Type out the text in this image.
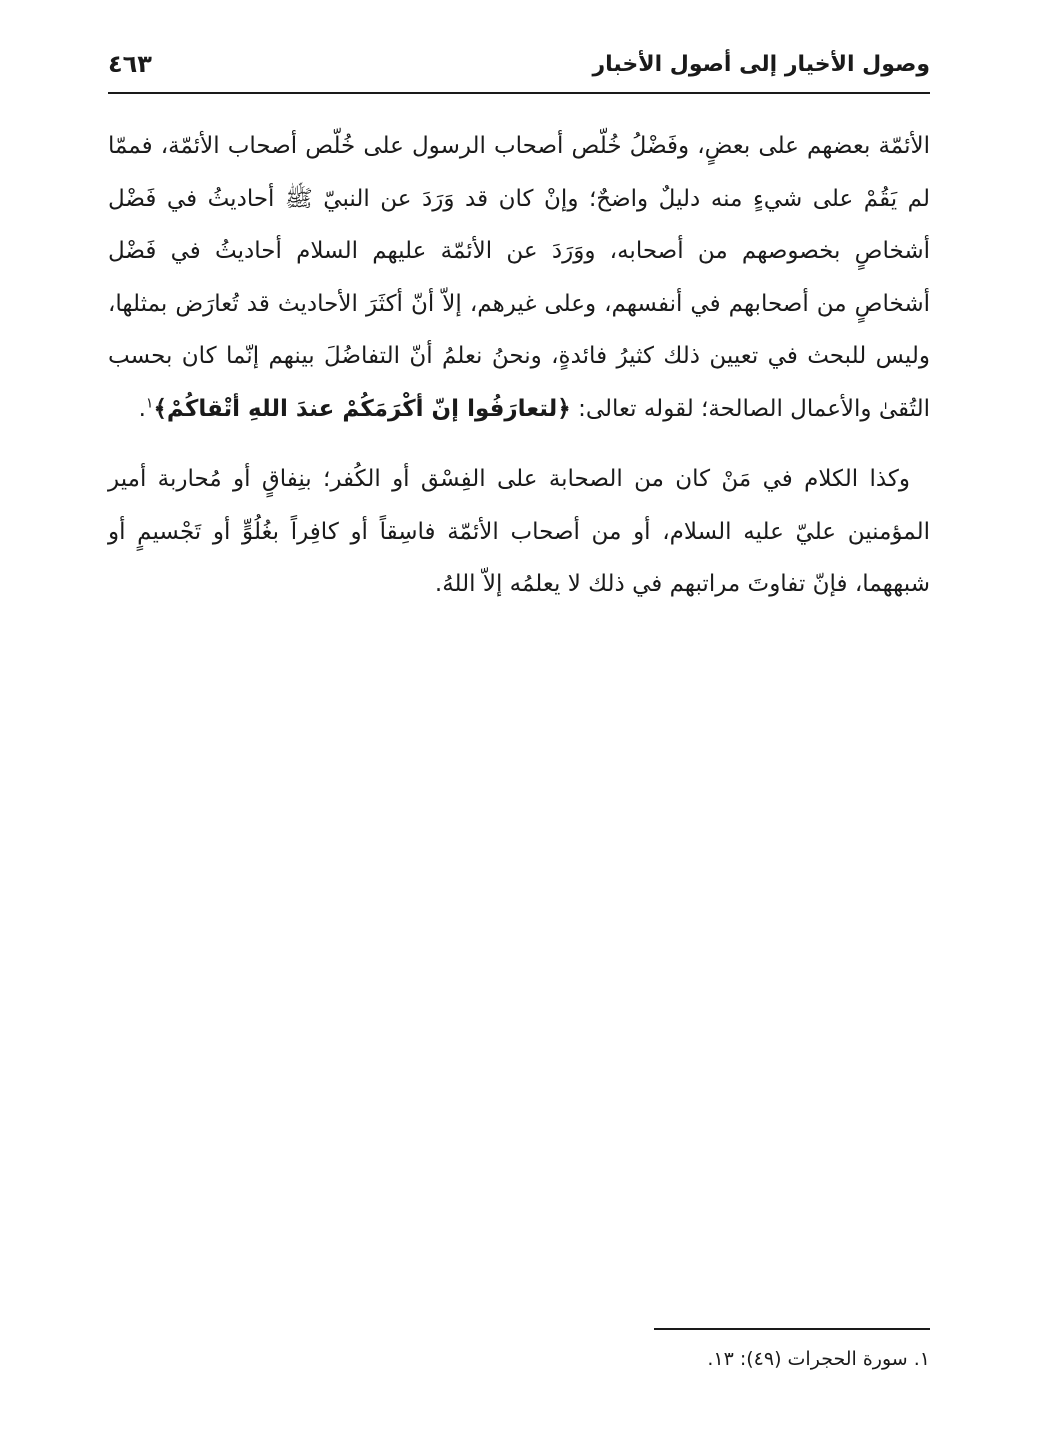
وصول الأخيار إلى أصول الأخبار
٤٦٣

الأئمّة بعضهم على بعضٍ، وفَضْلُ خُلّص أصحاب الرسول على خُلّص أصحاب الأئمّة، فممّا لم يَقُمْ على شيءٍ منه دليلٌ واضحٌ؛ وإنْ كان قد وَرَدَ عن النبيّ ﷺ أحاديثُ في فَضْل أشخاصٍ بخصوصهم من أصحابه، ووَرَدَ عن الأئمّة عليهم السلام أحاديثُ في فَضْل أشخاصٍ من أصحابهم في أنفسهم، وعلى غيرهم، إلاّ أنّ أكثَرَ الأحاديث قد تُعارَض بمثلها، وليس للبحث في تعيين ذلك كثيرُ فائدةٍ، ونحنُ نعلمُ أنّ التفاضُلَ بينهم إنّما كان بحسب التُقىٰ والأعمال الصالحة؛ لقوله تعالى: ﴿لتعارَفُوا إنّ أكْرَمَكُمْ عندَ اللهِ أتْقاكُمْ﴾$^١$.

وكذا الكلام في مَنْ كان من الصحابة على الفِسْق أو الكُفر؛ بنِفاقٍ أو مُحاربة أمير المؤمنين عليّ عليه السلام، أو من أصحاب الأئمّة فاسِقاً أو كافِراً بغُلُوٍّ أو تَجْسيمٍ أو شبههما، فإنّ تفاوتَ مراتبهم في ذلك لا يعلمُه إلاّ اللهُ.

١. سورة الحجرات (٤٩): ١٣.
